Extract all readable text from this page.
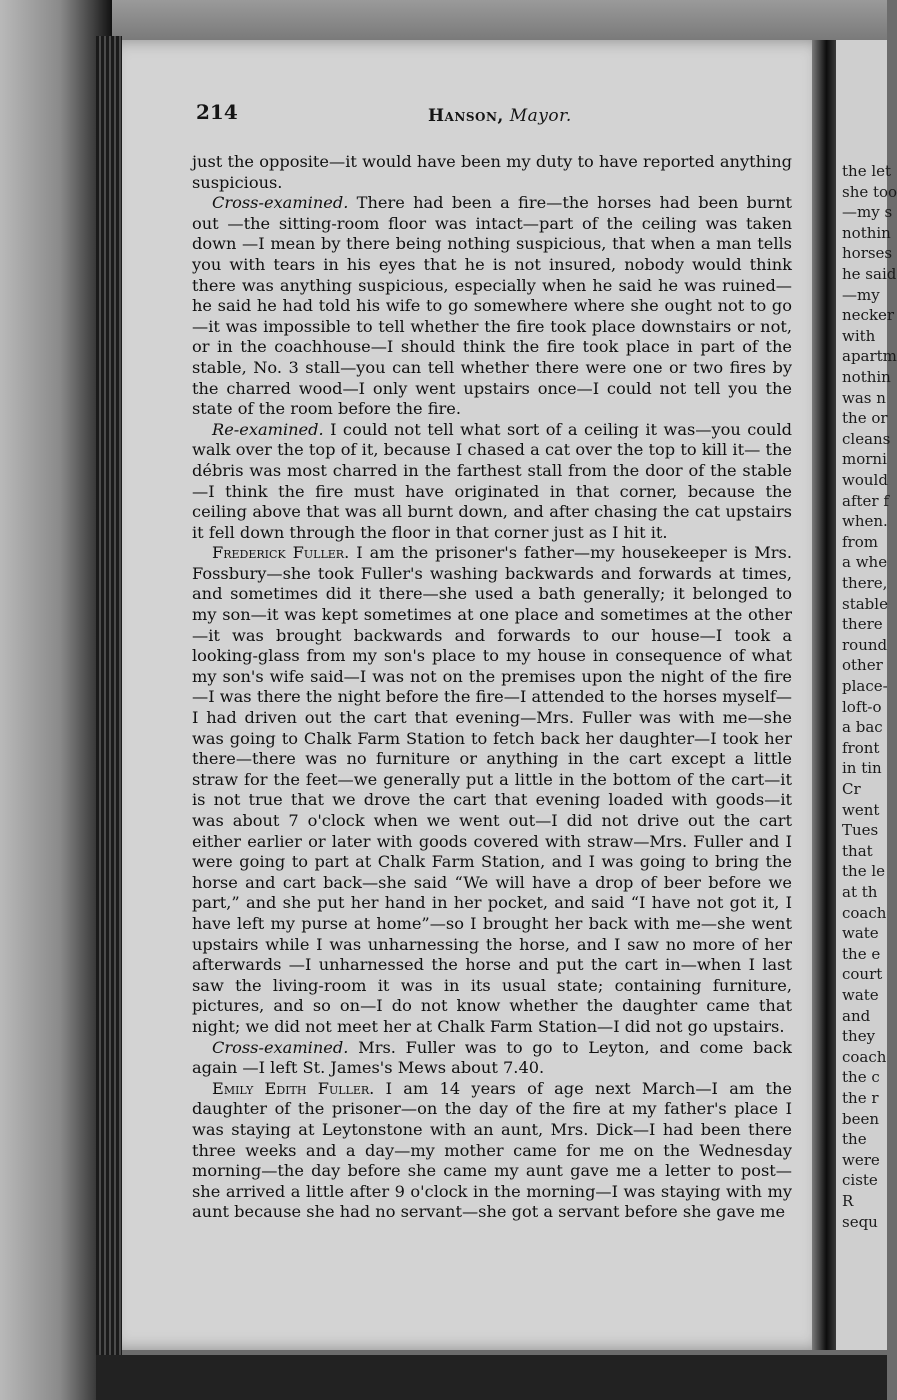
the let
she too
—my s
nothin
horses
he said
—my
necker
with
apartm
nothin
was n
the or
cleans
morni
would
after f
when.
from
a whe
there,
stable
there
round
other
place-
loft-o
a bac
front
in tin
Cr
went
Tues
that
the le
at th
coach
wate
the e
court
wate
and
they
coach
the c
the r
been
the
were
ciste
R
sequ
214	Hanson, Mayor.

just the opposite—it would have been my duty to have reported anything suspicious.

Cross-examined. There had been a fire—the horses had been burnt out —the sitting-room floor was intact—part of the ceiling was taken down —I mean by there being nothing suspicious, that when a man tells you with tears in his eyes that he is not insured, nobody would think there was anything suspicious, especially when he said he was ruined—he said he had told his wife to go somewhere where she ought not to go—it was impossible to tell whether the fire took place downstairs or not, or in the coachhouse—I should think the fire took place in part of the stable, No. 3 stall—you can tell whether there were one or two fires by the charred wood—I only went upstairs once—I could not tell you the state of the room before the fire.

Re-examined. I could not tell what sort of a ceiling it was—you could walk over the top of it, because I chased a cat over the top to kill it— the débris was most charred in the farthest stall from the door of the stable—I think the fire must have originated in that corner, because the ceiling above that was all burnt down, and after chasing the cat upstairs it fell down through the floor in that corner just as I hit it.

Frederick Fuller. I am the prisoner's father—my housekeeper is Mrs. Fossbury—she took Fuller's washing backwards and forwards at times, and sometimes did it there—she used a bath generally; it belonged to my son—it was kept sometimes at one place and sometimes at the other —it was brought backwards and forwards to our house—I took a looking-glass from my son's place to my house in consequence of what my son's wife said—I was not on the premises upon the night of the fire—I was there the night before the fire—I attended to the horses myself—I had driven out the cart that evening—Mrs. Fuller was with me—she was going to Chalk Farm Station to fetch back her daughter—I took her there—there was no furniture or anything in the cart except a little straw for the feet—we generally put a little in the bottom of the cart—it is not true that we drove the cart that evening loaded with goods—it was about 7 o'clock when we went out—I did not drive out the cart either earlier or later with goods covered with straw—Mrs. Fuller and I were going to part at Chalk Farm Station, and I was going to bring the horse and cart back—she said “We will have a drop of beer before we part,” and she put her hand in her pocket, and said “I have not got it, I have left my purse at home”—so I brought her back with me—she went upstairs while I was unharnessing the horse, and I saw no more of her afterwards —I unharnessed the horse and put the cart in—when I last saw the living-room it was in its usual state; containing furniture, pictures, and so on—I do not know whether the daughter came that night; we did not meet her at Chalk Farm Station—I did not go upstairs.

Cross-examined. Mrs. Fuller was to go to Leyton, and come back again —I left St. James's Mews about 7.40.

Emily Edith Fuller. I am 14 years of age next March—I am the daughter of the prisoner—on the day of the fire at my father's place I was staying at Leytonstone with an aunt, Mrs. Dick—I had been there three weeks and a day—my mother came for me on the Wednesday morning—the day before she came my aunt gave me a letter to post— she arrived a little after 9 o'clock in the morning—I was staying with my aunt because she had no servant—she got a servant before she gave me
